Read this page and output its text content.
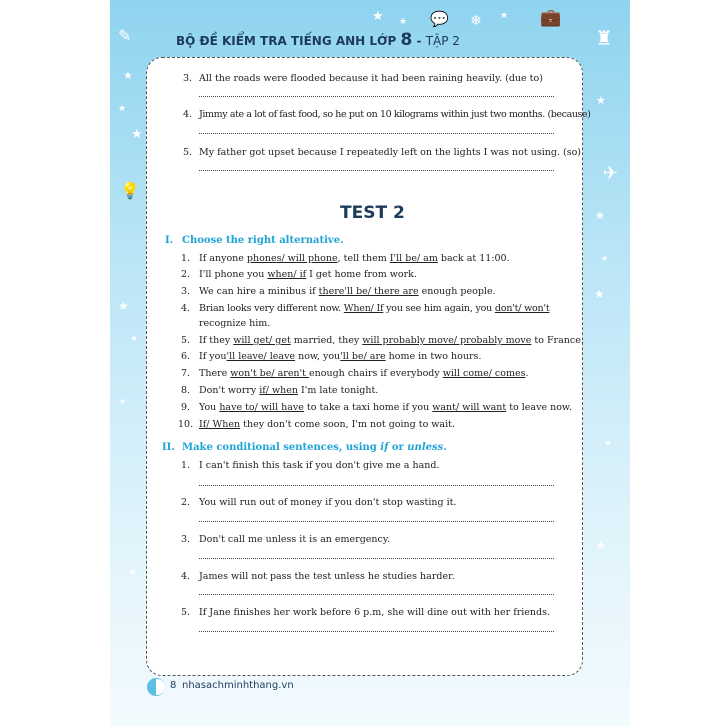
✎
★
★
★
💡
★
★
★
★
★ ★ 💬 ❄ ★ 💼
♜
★
✈
★
★
★
★
★
BỘ ĐỀ KIỂM TRA TIẾNG ANH LỚP 8 - TẬP 2
3. All the roads were flooded because it had been raining heavily. (due to)
4. Jimmy ate a lot of fast food, so he put on 10 kilograms within just two months. (because)
5. My father got upset because I repeatedly left on the lights I was not using. (so)
TEST 2
I. Choose the right alternative.
1. If anyone phones/ will phone, tell them I'll be/ am back at 11:00.
2. I'll phone you when/ if I get home from work.
3. We can hire a minibus if there'll be/ there are enough people.
4. Brian looks very different now. When/ If you see him again, you don't/ won't
recognize him.
5. If they will get/ get married, they will probably move/ probably move to France.
6. If you'll leave/ leave now, you'll be/ are home in two hours.
7. There won't be/ aren't enough chairs if everybody will come/ comes.
8. Don't worry if/ when I'm late tonight.
9. You have to/ will have to take a taxi home if you want/ will want to leave now.
10. If/ When they don't come soon, I'm not going to wait.
II. Make conditional sentences, using if or unless.
1. I can't finish this task if you don't give me a hand.
2. You will run out of money if you don't stop wasting it.
3. Don't call me unless it is an emergency.
4. James will not pass the test unless he studies harder.
5. If Jane finishes her work before 6 p.m, she will dine out with her friends.
8 nhasachminhthang.vn
